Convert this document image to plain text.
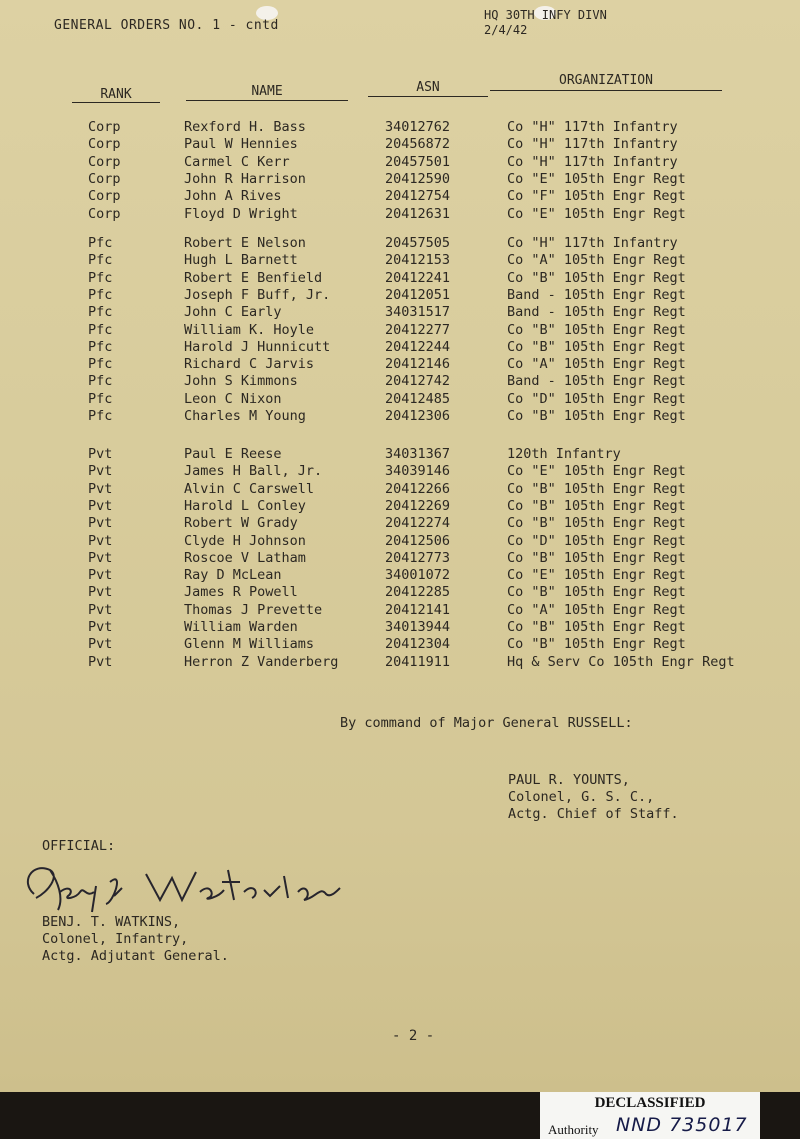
GENERAL ORDERS NO. 1 - cntd
HQ 30TH INFY DIVN
2/4/42
RANK	NAME	ASN	ORGANIZATION
Corp	Rexford H. Bass	34012762	Co "H" 117th Infantry
Corp	Paul W Hennies	20456872	Co "H" 117th Infantry
Corp	Carmel C Kerr	20457501	Co "H" 117th Infantry
Corp	John R Harrison	20412590	Co "E" 105th Engr Regt
Corp	John A Rives	20412754	Co "F" 105th Engr Regt
Corp	Floyd D Wright	20412631	Co "E" 105th Engr Regt
Pfc	Robert E Nelson	20457505	Co "H" 117th Infantry
Pfc	Hugh L Barnett	20412153	Co "A" 105th Engr Regt
Pfc	Robert E Benfield	20412241	Co "B" 105th Engr Regt
Pfc	Joseph F Buff, Jr.	20412051	Band - 105th Engr Regt
Pfc	John C Early	34031517	Band - 105th Engr Regt
Pfc	William K. Hoyle	20412277	Co "B" 105th Engr Regt
Pfc	Harold J Hunnicutt	20412244	Co "B" 105th Engr Regt
Pfc	Richard C Jarvis	20412146	Co "A" 105th Engr Regt
Pfc	John S Kimmons	20412742	Band - 105th Engr Regt
Pfc	Leon C Nixon	20412485	Co "D" 105th Engr Regt
Pfc	Charles M Young	20412306	Co "B" 105th Engr Regt
Pvt	Paul E Reese	34031367	120th Infantry
Pvt	James H Ball, Jr.	34039146	Co "E" 105th Engr Regt
Pvt	Alvin C Carswell	20412266	Co "B" 105th Engr Regt
Pvt	Harold L Conley	20412269	Co "B" 105th Engr Regt
Pvt	Robert W Grady	20412274	Co "B" 105th Engr Regt
Pvt	Clyde H Johnson	20412506	Co "D" 105th Engr Regt
Pvt	Roscoe V Latham	20412773	Co "B" 105th Engr Regt
Pvt	Ray D McLean	34001072	Co "E" 105th Engr Regt
Pvt	James R Powell	20412285	Co "B" 105th Engr Regt
Pvt	Thomas J Prevette	20412141	Co "A" 105th Engr Regt
Pvt	William Warden	34013944	Co "B" 105th Engr Regt
Pvt	Glenn M Williams	20412304	Co "B" 105th Engr Regt
Pvt	Herron Z Vanderberg	20411911	Hq & Serv Co 105th Engr Regt
By command of Major General RUSSELL:
PAUL R. YOUNTS,
Colonel, G. S. C.,
Actg. Chief of Staff.
OFFICIAL:
BENJ. T. WATKINS,
Colonel, Infantry,
Actg. Adjutant General.
- 2 -
DECLASSIFIED
Authority NND 735017
